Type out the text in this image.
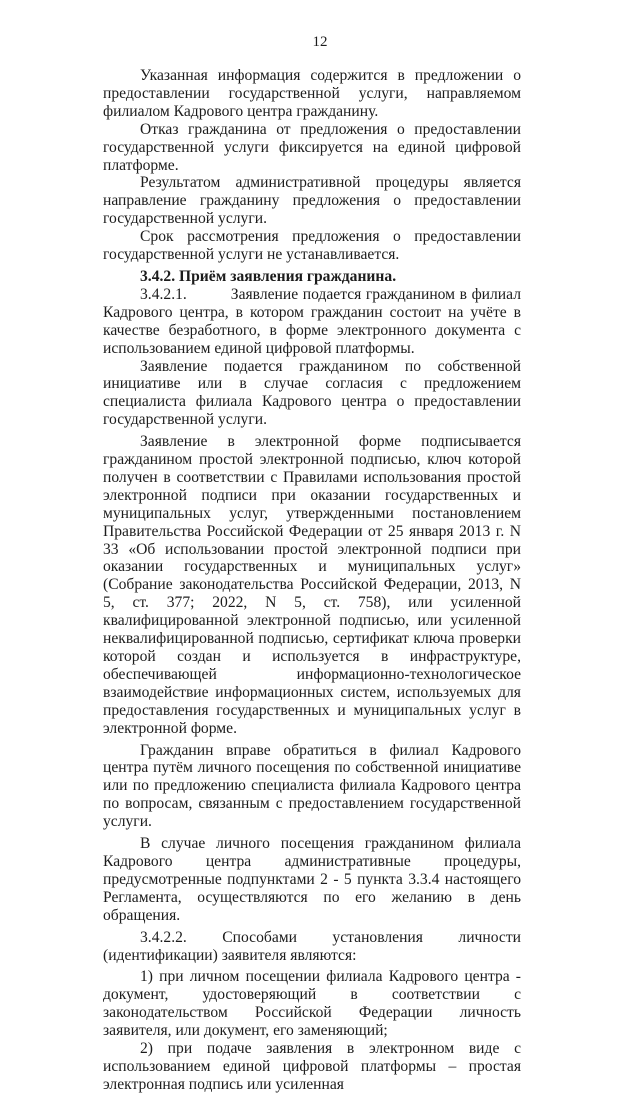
12

Указанная информация содержится в предложении о предоставлении государственной услуги, направляемом филиалом Кадрового центра гражданину.

Отказ гражданина от предложения о предоставлении государственной услуги фиксируется на единой цифровой платформе.

Результатом административной процедуры является направление гражданину предложения о предоставлении государственной услуги.

Срок рассмотрения предложения о предоставлении государственной услуги не устанавливается.

3.4.2. Приём заявления гражданина.

3.4.2.1.	Заявление подается гражданином в филиал Кадрового центра, в котором гражданин состоит на учёте в качестве безработного, в форме электронного документа с использованием единой цифровой платформы.

Заявление подается гражданином по собственной инициативе или в случае согласия с предложением специалиста филиала Кадрового центра о предоставлении государственной услуги.

Заявление в электронной форме подписывается гражданином простой электронной подписью, ключ которой получен в соответствии с Правилами использования простой электронной подписи при оказании государственных и муниципальных услуг, утвержденными постановлением Правительства Российской Федерации от 25 января 2013 г. N 33 «Об использовании простой электронной подписи при оказании государственных и муниципальных услуг» (Собрание законодательства Российской Федерации, 2013, N 5, ст. 377; 2022, N 5, ст. 758), или усиленной квалифицированной электронной подписью, или усиленной неквалифицированной подписью, сертификат ключа проверки которой создан и используется в инфраструктуре, обеспечивающей информационно-технологическое взаимодействие информационных систем, используемых для предоставления государственных и муниципальных услуг в электронной форме.

Гражданин вправе обратиться в филиал Кадрового центра путём личного посещения по собственной инициативе или по предложению специалиста филиала Кадрового центра по вопросам, связанным с предоставлением государственной услуги.

В случае личного посещения гражданином филиала Кадрового центра административные процедуры, предусмотренные подпунктами 2 - 5 пункта 3.3.4 настоящего Регламента, осуществляются по его желанию в день обращения.

3.4.2.2. Способами установления личности (идентификации) заявителя являются:

1) при личном посещении филиала Кадрового центра - документ, удостоверяющий в соответствии с законодательством Российской Федерации личность заявителя, или документ, его заменяющий;

2) при подаче заявления в электронном виде с использованием единой цифровой платформы – простая электронная подпись или усиленная
